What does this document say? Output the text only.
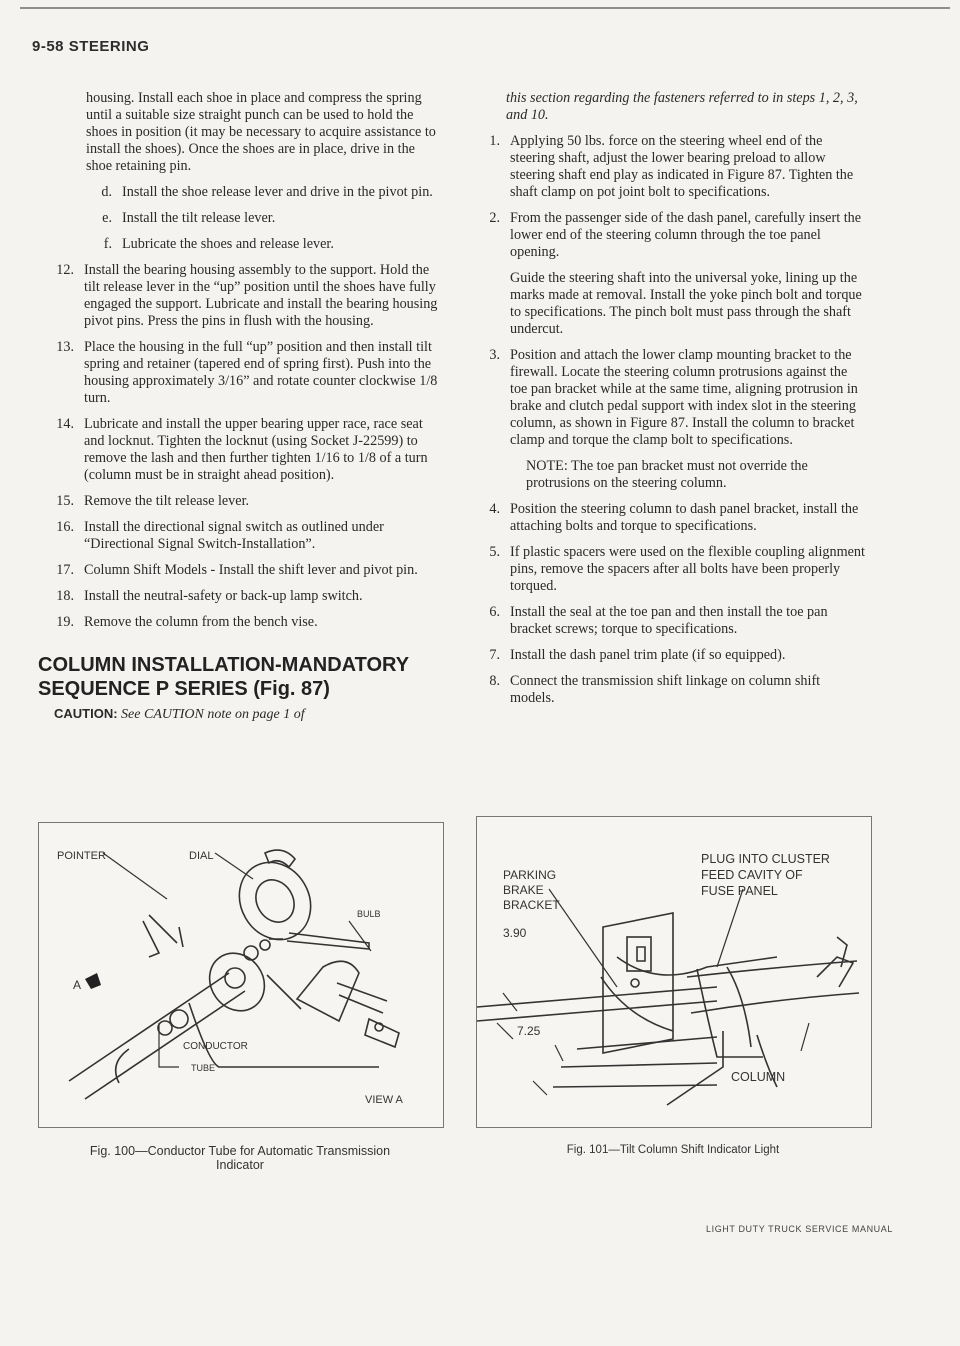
9-58 STEERING

housing. Install each shoe in place and compress the spring until a suitable size straight punch can be used to hold the shoes in position (it may be necessary to acquire assistance to install the shoes). Once the shoes are in place, drive in the shoe retaining pin.

d. Install the shoe release lever and drive in the pivot pin.
e. Install the tilt release lever.
f. Lubricate the shoes and release lever.
12. Install the bearing housing assembly to the support. Hold the tilt release lever in the “up” position until the shoes have fully engaged the support. Lubricate and install the bearing housing pivot pins. Press the pins in flush with the housing.
13. Place the housing in the full “up” position and then install tilt spring and retainer (tapered end of spring first). Push into the housing approximately 3/16” and rotate counter clockwise 1/8 turn.
14. Lubricate and install the upper bearing upper race, race seat and locknut. Tighten the locknut (using Socket J-22599) to remove the lash and then further tighten 1/16 to 1/8 of a turn (column must be in straight ahead position).
15. Remove the tilt release lever.
16. Install the directional signal switch as outlined under “Directional Signal Switch-Installation”.
17. Column Shift Models - Install the shift lever and pivot pin.
18. Install the neutral-safety or back-up lamp switch.
19. Remove the column from the bench vise.
COLUMN INSTALLATION-MANDATORY SEQUENCE P SERIES (Fig. 87)
CAUTION: See CAUTION note on page 1 of

this section regarding the fasteners referred to in steps 1, 2, 3, and 10.

1. Applying 50 lbs. force on the steering wheel end of the steering shaft, adjust the lower bearing preload to allow steering shaft end play as indicated in Figure 87. Tighten the shaft clamp on pot joint bolt to specifications.
2. From the passenger side of the dash panel, carefully insert the lower end of the steering column through the toe panel opening.
Guide the steering shaft into the universal yoke, lining up the marks made at removal. Install the yoke pinch bolt and torque to specifications. The pinch bolt must pass through the shaft undercut.
3. Position and attach the lower clamp mounting bracket to the firewall. Locate the steering column protrusions against the toe pan bracket while at the same time, aligning protrusion in brake and clutch pedal support with index slot in the steering column, as shown in Figure 87. Install the column to bracket clamp and torque the clamp bolt to specifications.

NOTE: The toe pan bracket must not override the protrusions on the steering column.

4. Position the steering column to dash panel bracket, install the attaching bolts and torque to specifications.
5. If plastic spacers were used on the flexible coupling alignment pins, remove the spacers after all bolts have been properly torqued.
6. Install the seal at the toe pan and then install the toe pan bracket screws; torque to specifications.
7. Install the dash panel trim plate (if so equipped).
8. Connect the transmission shift linkage on column shift models.
POINTER	DIAL
A
BULB
CONDUCTOR
TUBE
VIEW A
Fig. 100—Conductor Tube for Automatic Transmission
Indicator
PARKING
BRAKE
BRACKET
3.90
7.25
PLUG INTO CLUSTER
FEED CAVITY OF
FUSE PANEL
COLUMN
Fig. 101—Tilt Column Shift Indicator Light
LIGHT DUTY TRUCK SERVICE MANUAL
